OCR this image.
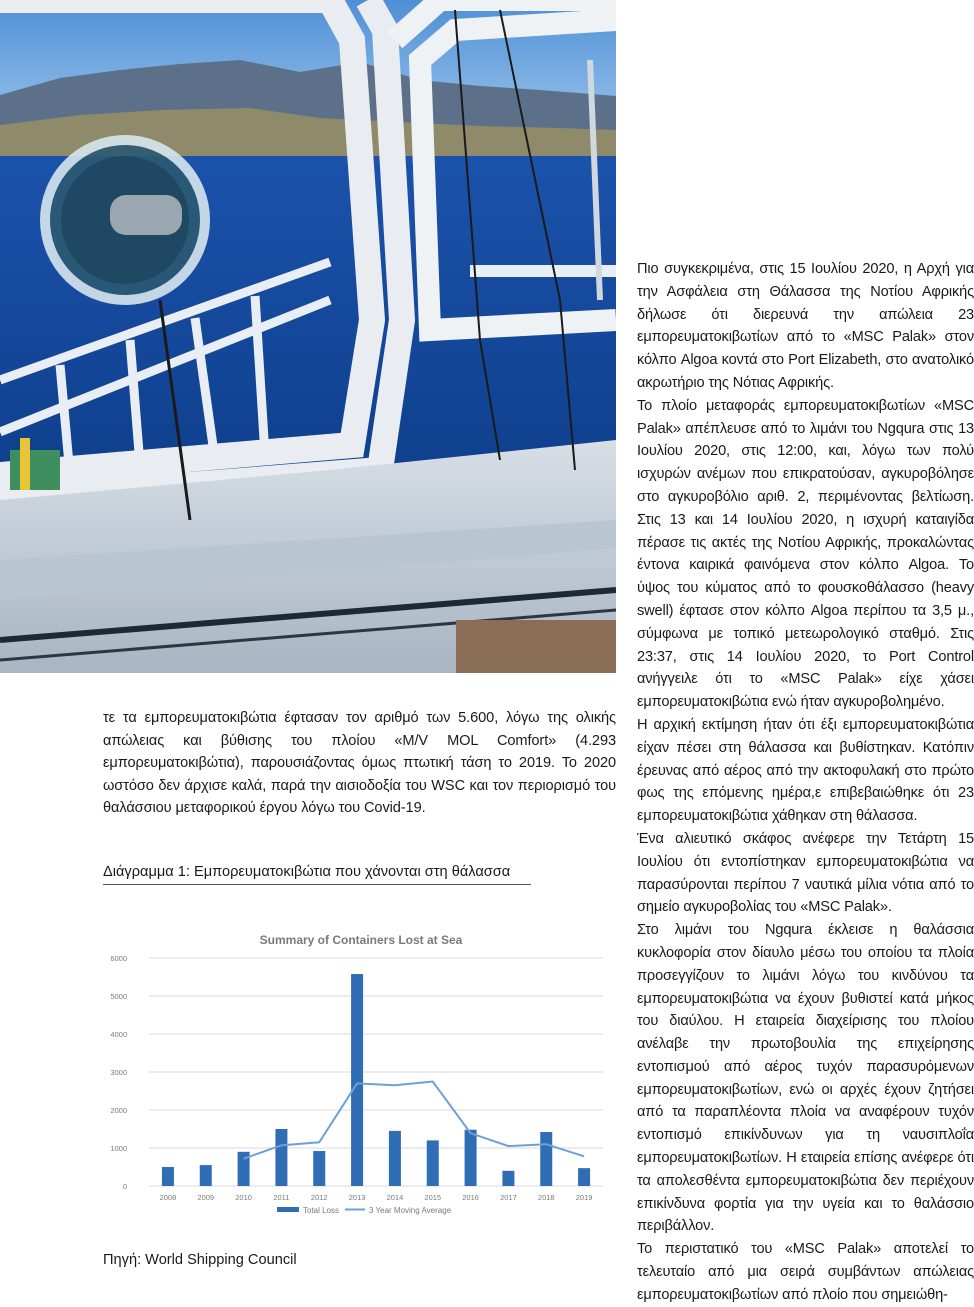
Πιο συγκεκριμένα, στις 15 Ιουλίου 2020, η Αρχή για την Ασφάλεια στη Θάλασσα της Νοτίου Αφρικής δήλωσε ότι διερευνά την απώλεια 23 εμπορευματοκιβωτίων από το «MSC Palak» στον κόλπο Algoa κοντά στο Port Elizabeth, στο ανατολικό ακρωτήριο της Νότιας Αφρικής.

Το πλοίο μεταφοράς εμπορευματοκιβωτίων «MSC Palak» απέπλευσε από το λιμάνι του Ngqura στις 13 Ιουλίου 2020, στις 12:00, και, λόγω των πολύ ισχυρών ανέμων που επικρατούσαν, αγκυροβόλησε στο αγκυροβόλιο αριθ. 2, περιμένοντας βελτίωση. Στις 13 και 14 Ιουλίου 2020, η ισχυρή καταιγίδα πέρασε τις ακτές της Νοτίου Αφρικής, προκαλώντας έντονα καιρικά φαινόμενα στον κόλπο Algoa. Το ύψος του κύματος από το φουσκοθάλασσο (heavy swell) έφτασε στον κόλπο Algoa περίπου τα 3,5 μ., σύμφωνα με τοπικό μετεωρολογικό σταθμό. Στις 23:37, στις 14 Ιουλίου 2020, το Port Control ανήγγειλε ότι το «MSC Palak» είχε χάσει εμπορευματοκιβώτια ενώ ήταν αγκυροβολημένο.

Η αρχική εκτίμηση ήταν ότι έξι εμπορευματοκιβώτια είχαν πέσει στη θάλασσα και βυθίστηκαν. Κατόπιν έρευνας από αέρος από την ακτοφυλακή στο πρώτο φως της επόμενης ημέρα,ε επιβεβαιώθηκε ότι 23 εμπορευματοκιβώτια χάθηκαν στη θάλασσα.

Ένα αλιευτικό σκάφος ανέφερε την Τετάρτη 15 Ιουλίου ότι εντοπίστηκαν εμπορευματοκιβώτια να παρασύρονται περίπου 7 ναυτικά μίλια νότια από το σημείο αγκυροβολίας του «MSC Palak».

Στο λιμάνι του Ngqura έκλεισε η θαλάσσια κυκλοφορία στον δίαυλο μέσω του οποίου τα πλοία προσεγγίζουν το λιμάνι λόγω του κινδύνου τα εμπορευματοκιβώτια να έχουν βυθιστεί κατά μήκος του διαύλου. Η εταιρεία διαχείρισης του πλοίου ανέλαβε την πρωτοβουλία της επιχείρησης εντοπισμού από αέρος τυχόν παρασυρόμενων εμπορευματοκιβωτίων, ενώ οι αρχές έχουν ζητήσει από τα παραπλέοντα πλοία να αναφέρουν τυχόν εντοπισμό επικίνδυνων για τη ναυσιπλοΐα εμπορευματοκιβωτίων. Η εταιρεία επίσης ανέφερε ότι τα απολεσθέντα εμπορευματοκιβώτια δεν περιέχουν επικίνδυνα φορτία για την υγεία και το θαλάσσιο περιβάλλον.

Το περιστατικό του «MSC Palak» αποτελεί το τελευταίο από μια σειρά συμβάντων απώλειας εμπορευματοκιβωτίων από πλοίο που σημειώθη-

τε τα εμπορευματοκιβώτια έφτασαν τον αριθμό των 5.600, λόγω της ολικής απώλειας και βύθισης του πλοίου «M/V MOL Comfort» (4.293 εμπορευματοκιβώτια), παρουσιάζοντας όμως πτωτική τάση το 2019. Το 2020 ωστόσο δεν άρχισε καλά, παρά την αισιοδοξία του WSC και τον περιορισμό του θαλάσσιου μεταφορικού έργου λόγω του Covid-19.

Διάγραμμα 1: Εμπορευματοκιβώτια που χάνονται στη θάλασσα
Summary of Containers Lost at Sea
0
1000
2000
3000
4000
5000
6000
2008	2009	2010	2011	2012	2013	2014	2015	2016	2017	2018	2019
Total Loss	3 Year Moving Average
Πηγή: World Shipping Council
